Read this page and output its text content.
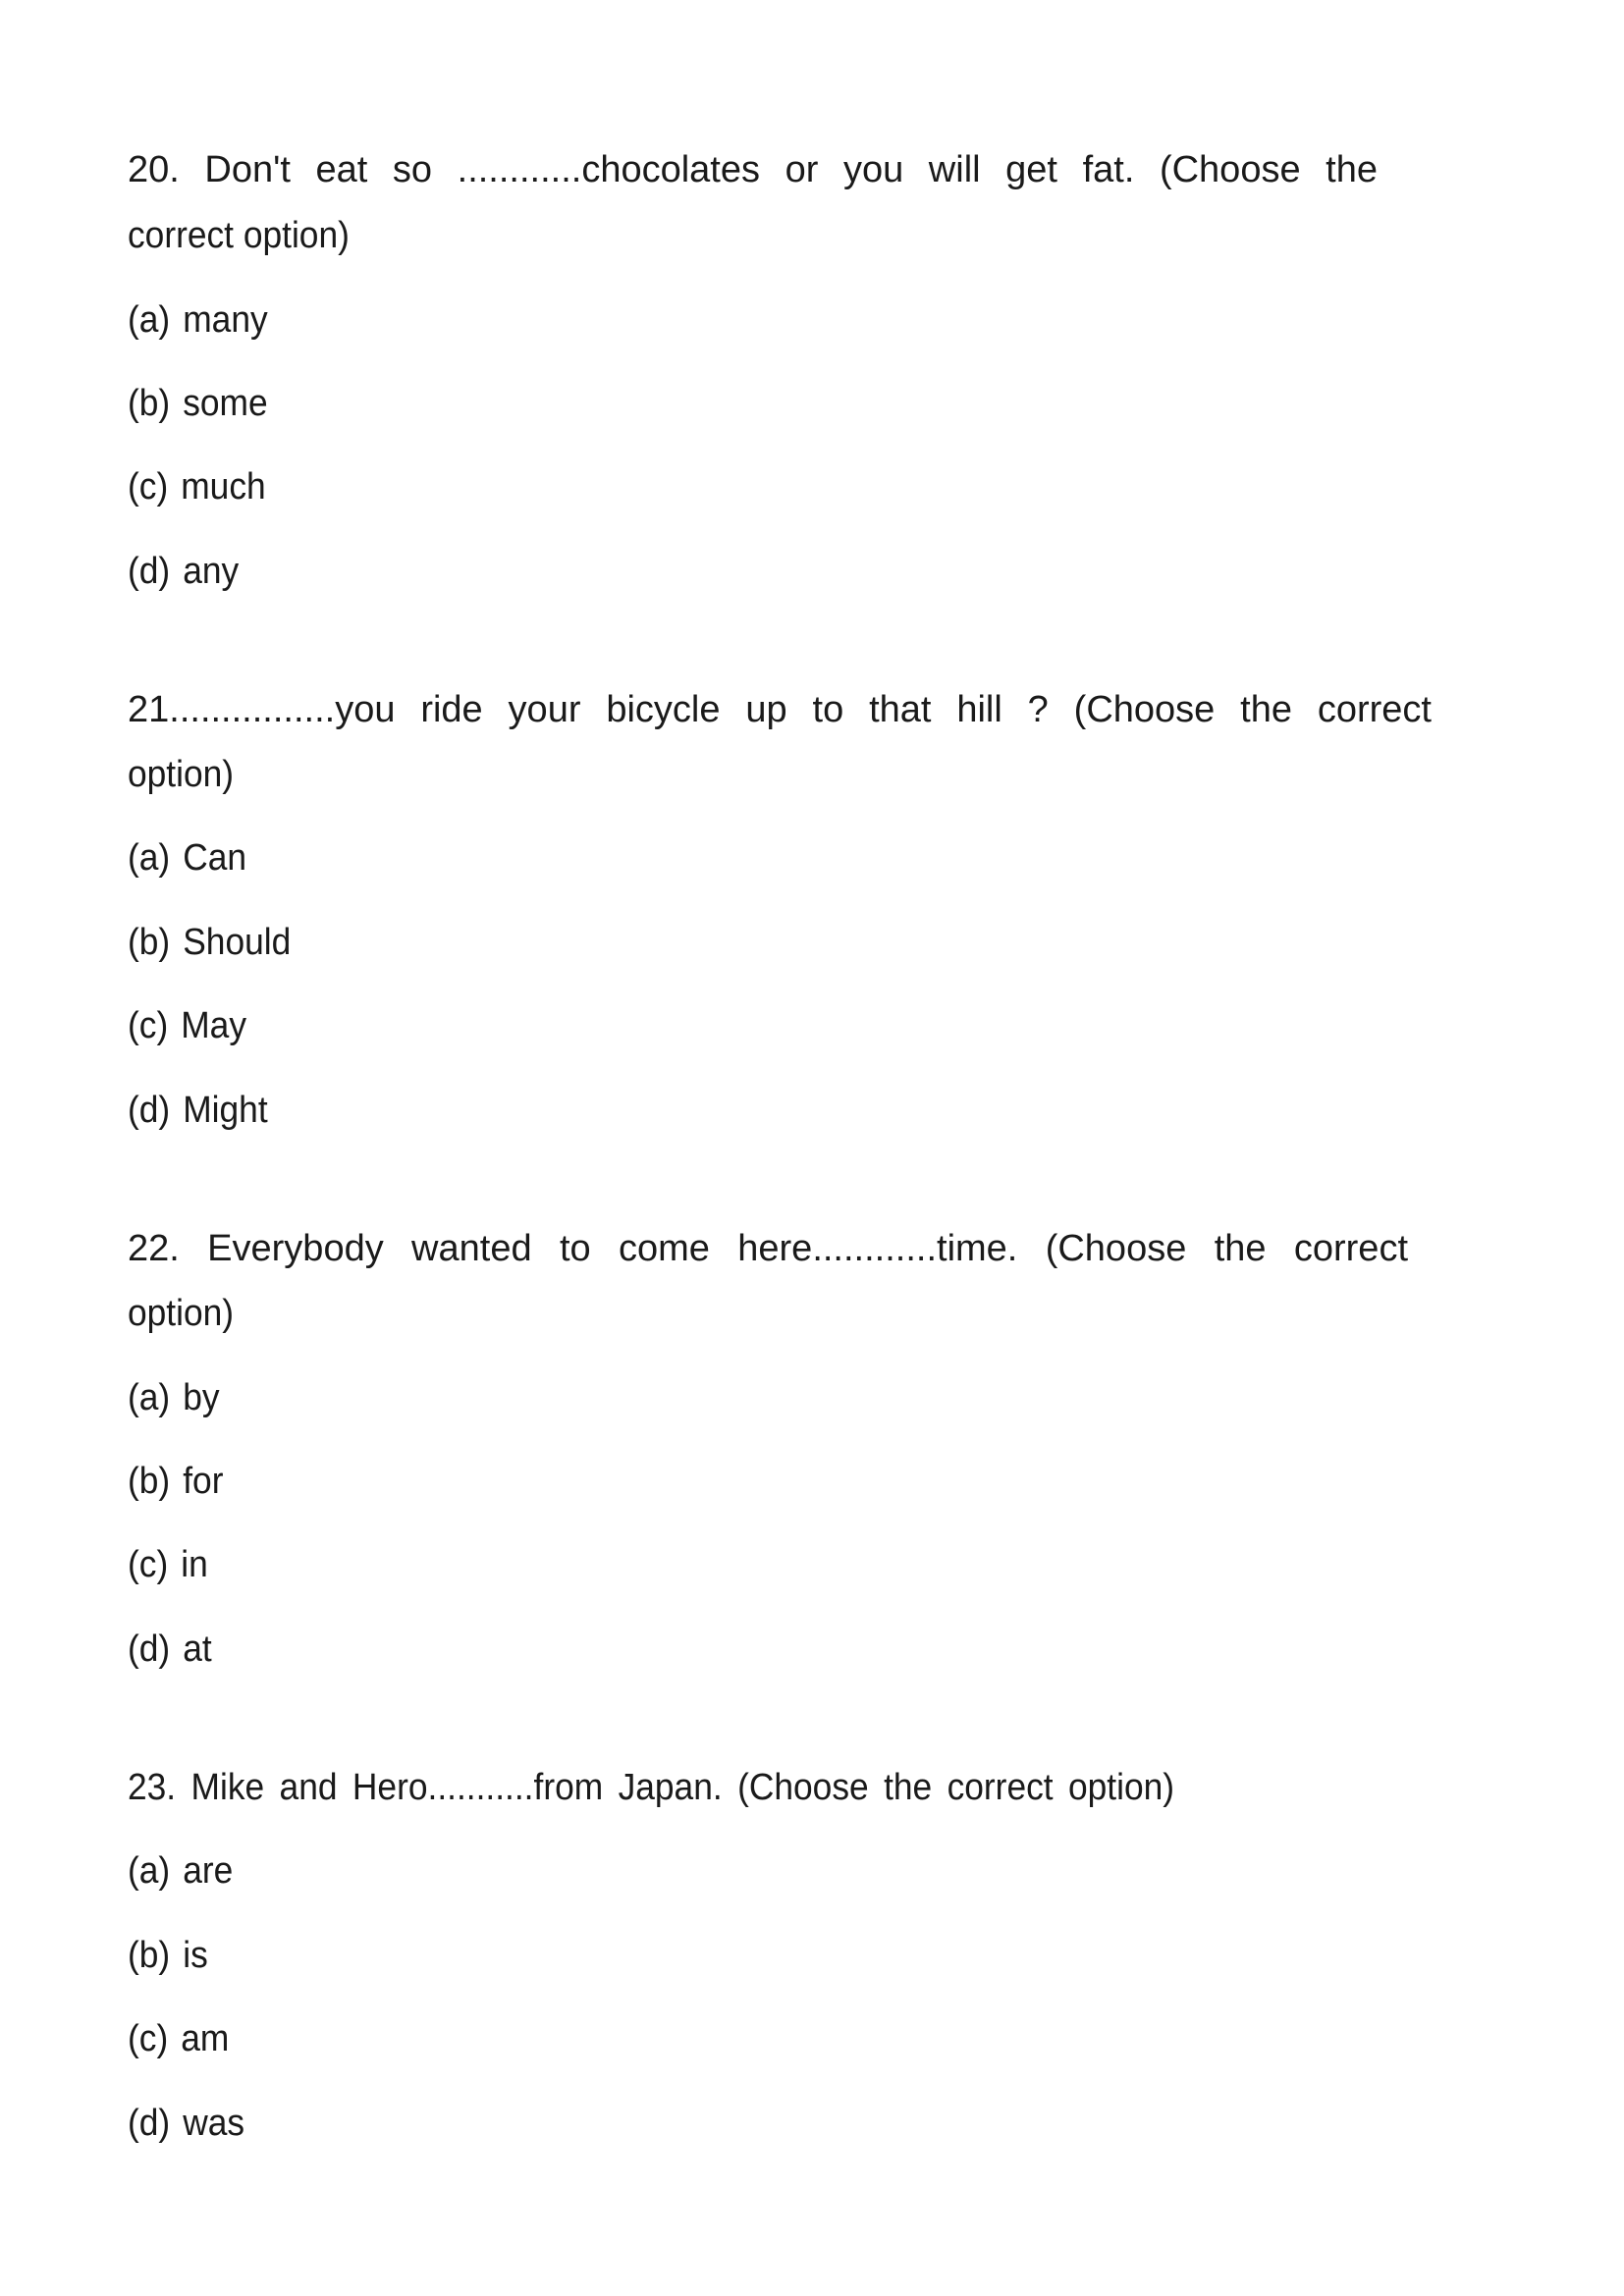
20. Don't eat so ............chocolates or you will get fat. (Choose the
correct option)
(a) many
(b) some
(c) much
(d) any
21................you ride your bicycle up to that hill ? (Choose the correct
option)
(a) Can
(b) Should
(c) May
(d) Might
22. Everybody wanted to come here............time. (Choose the correct
option)
(a) by
(b) for
(c) in
(d) at
23. Mike and Hero...........from Japan. (Choose the correct option)
(a) are
(b) is
(c) am
(d) was
